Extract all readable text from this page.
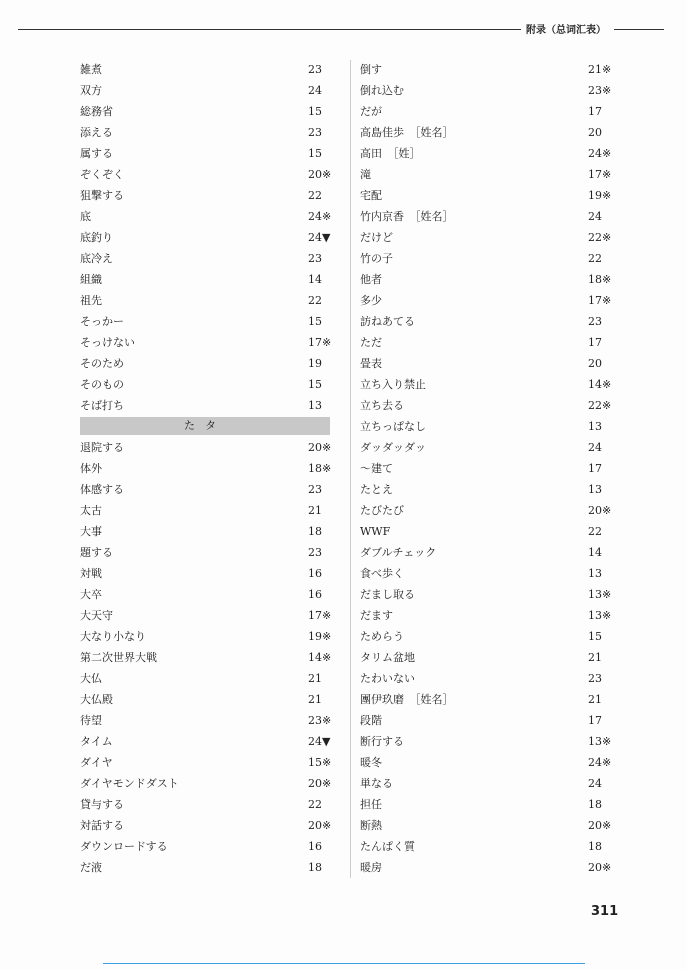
附录（总词汇表）
雑煮	23
双方	24
総務省	15
添える	23
属する	15
ぞくぞく	20※
狙撃する	22
底	24※
底釣り	24▼
底冷え	23
組織	14
祖先	22
そっかー	15
そっけない	17※
そのため	19
そのもの	15
そば打ち	13
たタ
退院する	20※
体外	18※
体感する	23
太古	21
大事	18
題する	23
対戦	16
大卒	16
大天守	17※
大なり小なり	19※
第二次世界大戦	14※
大仏	21
大仏殿	21
待望	23※
タイム	24▼
ダイヤ	15※
ダイヤモンドダスト	20※
貸与する	22
対話する	20※
ダウンロードする	16
だ液	18
倒す	21※
倒れ込む	23※
だが	17
高島佳歩　［姓名］	20
高田　［姓］	24※
滝	17※
宅配	19※
竹内京香　［姓名］	24
だけど	22※
竹の子	22
他者	18※
多少	17※
訪ねあてる	23
ただ	17
畳表	20
立ち入り禁止	14※
立ち去る	22※
立ちっぱなし	13
ダッダッダッ	24
～建て	17
たとえ	13
たびたび	20※
WWF	22
ダブルチェック	14
食べ歩く	13
だまし取る	13※
だます	13※
ためらう	15
タリム盆地	21
たわいない	23
團伊玖磨　［姓名］	21
段階	17
断行する	13※
暖冬	24※
単なる	24
担任	18
断熱	20※
たんぱく質	18
暖房	20※
311
